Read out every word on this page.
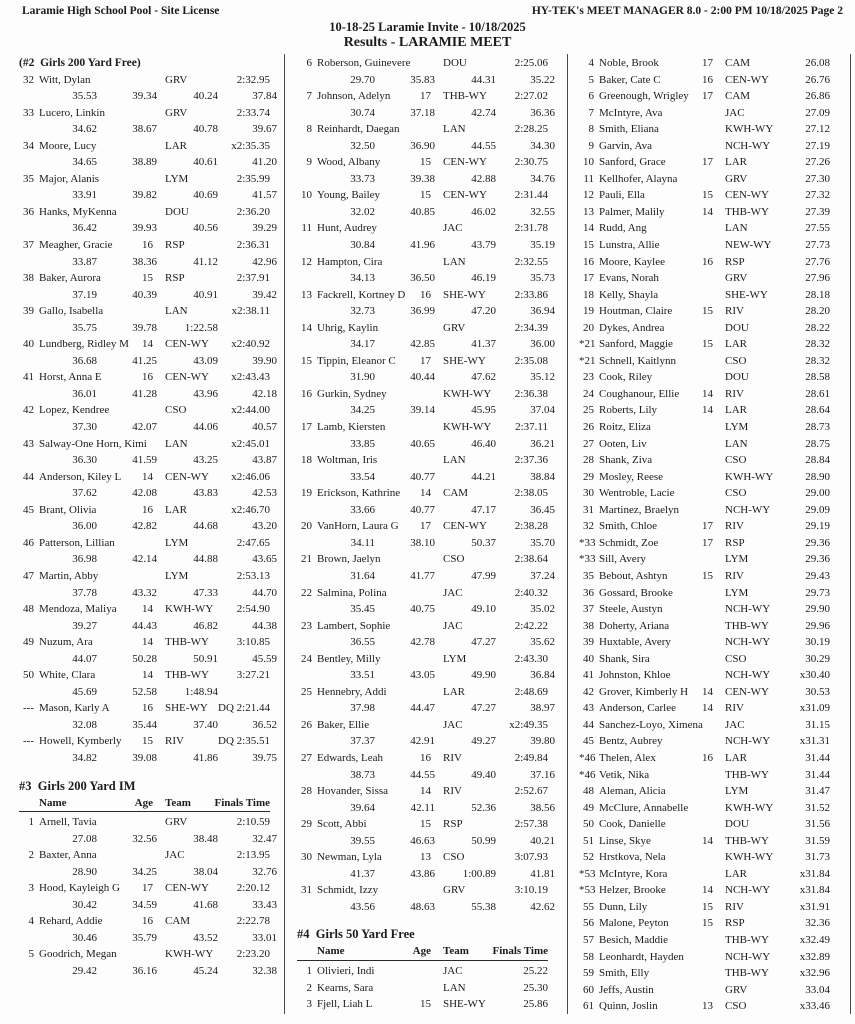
Laramie High School Pool - Site License	HY-TEK's MEET MANAGER 8.0 - 2:00 PM 10/18/2025 Page 2
10-18-25 Laramie Invite - 10/18/2025
Results - LARAMIE MEET
(#2  Girls 200 Yard Free)
32 Witt, Dylan	GRV	2:32.95
35.53	39.34	40.24	37.84
33 Lucero, Linkin	GRV	2:33.74
34.62	38.67	40.78	39.67
34 Moore, Lucy	LAR	x2:35.35
34.65	38.89	40.61	41.20
35 Major, Alanis	LYM	2:35.99
33.91	39.82	40.69	41.57
36 Hanks, MyKenna	DOU	2:36.20
36.42	39.93	40.56	39.29
37 Meagher, Gracie	16	RSP	2:36.31
33.87	38.36	41.12	42.96
38 Baker, Aurora	15	RSP	2:37.91
37.19	40.39	40.91	39.42
39 Gallo, Isabella	LAN	x2:38.11
35.75	39.78	1:22.58
40 Lundberg, Ridley M	14	CEN-WY	x2:40.92
36.68	41.25	43.09	39.90
41 Horst, Anna E	16	CEN-WY	x2:43.43
36.01	41.28	43.96	42.18
42 Lopez, Kendree	CSO	x2:44.00
37.30	42.07	44.06	40.57
43 Salway-One Horn, Kimi	LAN	x2:45.01
36.30	41.59	43.25	43.87
44 Anderson, Kiley L	14	CEN-WY	x2:46.06
37.62	42.08	43.83	42.53
45 Brant, Olivia	16	LAR	x2:46.70
36.00	42.82	44.68	43.20
46 Patterson, Lillian	LYM	2:47.65
36.98	42.14	44.88	43.65
47 Martin, Abby	LYM	2:53.13
37.78	43.32	47.33	44.70
48 Mendoza, Maliya	14	KWH-WY	2:54.90
39.27	44.43	46.82	44.38
49 Nuzum, Ara	14	THB-WY	3:10.85
44.07	50.28	50.91	45.59
50 White, Clara	14	THB-WY	3:27.21
45.69	52.58	1:48.94
--- Mason, Karly A	16	SHE-WY DQ 2:21.44
32.08	35.44	37.40	36.52
--- Howell, Kymberly	15	RIV	DQ 2:35.51
34.82	39.08	41.86	39.75
#3  Girls 200 Yard IM
Name	Age	Team	Finals Time
1 Arnell, Tavia	GRV	2:10.59
27.08	32.56	38.48	32.47
2 Baxter, Anna	JAC	2:13.95
28.90	34.25	38.04	32.76
3 Hood, Kayleigh G	17	CEN-WY	2:20.12
30.42	34.59	41.68	33.43
4 Rehard, Addie	16	CAM	2:22.78
30.46	35.79	43.52	33.01
5 Goodrich, Megan	KWH-WY	2:23.20
29.42	36.16	45.24	32.38
6 Roberson, Guinevere	DOU	2:25.06
29.70	35.83	44.31	35.22
7 Johnson, Adelyn	17	THB-WY	2:27.02
30.74	37.18	42.74	36.36
8 Reinhardt, Daegan	LAN	2:28.25
32.50	36.90	44.55	34.30
9 Wood, Albany	15	CEN-WY	2:30.75
33.73	39.38	42.88	34.76
10 Young, Bailey	15	CEN-WY	2:31.44
32.02	40.85	46.02	32.55
11 Hunt, Audrey	JAC	2:31.78
30.84	41.96	43.79	35.19
12 Hampton, Cira	LAN	2:32.55
34.13	36.50	46.19	35.73
13 Fackrell, Kortney D	16	SHE-WY	2:33.86
32.73	36.99	47.20	36.94
14 Uhrig, Kaylin	GRV	2:34.39
34.17	42.85	41.37	36.00
15 Tippin, Eleanor C	17	SHE-WY	2:35.08
31.90	40.44	47.62	35.12
16 Gurkin, Sydney	KWH-WY	2:36.38
34.25	39.14	45.95	37.04
17 Lamb, Kiersten	KWH-WY	2:37.11
33.85	40.65	46.40	36.21
18 Woltman, Iris	LAN	2:37.36
33.54	40.77	44.21	38.84
19 Erickson, Kathrine	14	CAM	2:38.05
33.66	40.77	47.17	36.45
20 VanHorn, Laura G	17	CEN-WY	2:38.28
34.11	38.10	50.37	35.70
21 Brown, Jaelyn	CSO	2:38.64
31.64	41.77	47.99	37.24
22 Salmina, Polina	JAC	2:40.32
35.45	40.75	49.10	35.02
23 Lambert, Sophie	JAC	2:42.22
36.55	42.78	47.27	35.62
24 Bentley, Milly	LYM	2:43.30
33.51	43.05	49.90	36.84
25 Hennebry, Addi	LAR	2:48.69
37.98	44.47	47.27	38.97
26 Baker, Ellie	JAC	x2:49.35
37.37	42.91	49.27	39.80
27 Edwards, Leah	16	RIV	2:49.84
38.73	44.55	49.40	37.16
28 Hovander, Sissa	14	RIV	2:52.67
39.64	42.11	52.36	38.56
29 Scott, Abbi	15	RSP	2:57.38
39.55	46.63	50.99	40.21
30 Newman, Lyla	13	CSO	3:07.93
41.37	43.86	1:00.89	41.81
31 Schmidt, Izzy	GRV	3:10.19
43.56	48.63	55.38	42.62
#4  Girls 50 Yard Free
Name	Age	Team	Finals Time
1 Olivieri, Indi	JAC	25.22
2 Kearns, Sara	LAN	25.30
3 Fjell, Liah L	15	SHE-WY	25.86
4 Noble, Brook	17	CAM	26.08
5 Baker, Cate C	16	CEN-WY	26.76
6 Greenough, Wrigley	17	CAM	26.86
7 McIntyre, Ava	JAC	27.09
8 Smith, Eliana	KWH-WY	27.12
9 Garvin, Ava	NCH-WY	27.19
10 Sanford, Grace	17	LAR	27.26
11 Kellhofer, Alayna	GRV	27.30
12 Pauli, Ella	15	CEN-WY	27.32
13 Palmer, Malily	14	THB-WY	27.39
14 Rudd, Ang	LAN	27.55
15 Lunstra, Allie	NEW-WY	27.73
16 Moore, Kaylee	16	RSP	27.76
17 Evans, Norah	GRV	27.96
18 Kelly, Shayla	SHE-WY	28.18
19 Houtman, Claire	15	RIV	28.20
20 Dykes, Andrea	DOU	28.22
*21 Sanford, Maggie	15	LAR	28.32
*21 Schnell, Kaitlynn	CSO	28.32
23 Cook, Riley	DOU	28.58
24 Coughanour, Ellie	14	RIV	28.61
25 Roberts, Lily	14	LAR	28.64
26 Roitz, Eliza	LYM	28.73
27 Ooten, Liv	LAN	28.75
28 Shank, Ziva	CSO	28.84
29 Mosley, Reese	KWH-WY	28.90
30 Wentroble, Lacie	CSO	29.00
31 Martinez, Braelyn	NCH-WY	29.09
32 Smith, Chloe	17	RIV	29.19
*33 Schmidt, Zoe	17	RSP	29.36
*33 Sill, Avery	LYM	29.36
35 Bebout, Ashtyn	15	RIV	29.43
36 Gossard, Brooke	LYM	29.73
37 Steele, Austyn	NCH-WY	29.90
38 Doherty, Ariana	THB-WY	29.96
39 Huxtable, Avery	NCH-WY	30.19
40 Shank, Sira	CSO	30.29
41 Johnston, Khloe	NCH-WY	x30.40
42 Grover, Kimberly H	14	CEN-WY	30.53
43 Anderson, Carlee	14	RIV	x31.09
44 Sanchez-Loyo, Ximena	JAC	31.15
45 Bentz, Aubrey	NCH-WY	x31.31
*46 Thelen, Alex	16	LAR	31.44
*46 Vetik, Nika	THB-WY	31.44
48 Aleman, Alicia	LYM	31.47
49 McClure, Annabelle	KWH-WY	31.52
50 Cook, Danielle	DOU	31.56
51 Linse, Skye	14	THB-WY	31.59
52 Hrstkova, Nela	KWH-WY	31.73
*53 McIntyre, Kora	LAR	x31.84
*53 Helzer, Brooke	14	NCH-WY	x31.84
55 Dunn, Lily	15	RIV	x31.91
56 Malone, Peyton	15	RSP	32.36
57 Besich, Maddie	THB-WY	x32.49
58 Leonhardt, Hayden	NCH-WY	x32.89
59 Smith, Elly	THB-WY	x32.96
60 Jeffs, Austin	GRV	33.04
61 Quinn, Joslin	13	CSO	x33.46
